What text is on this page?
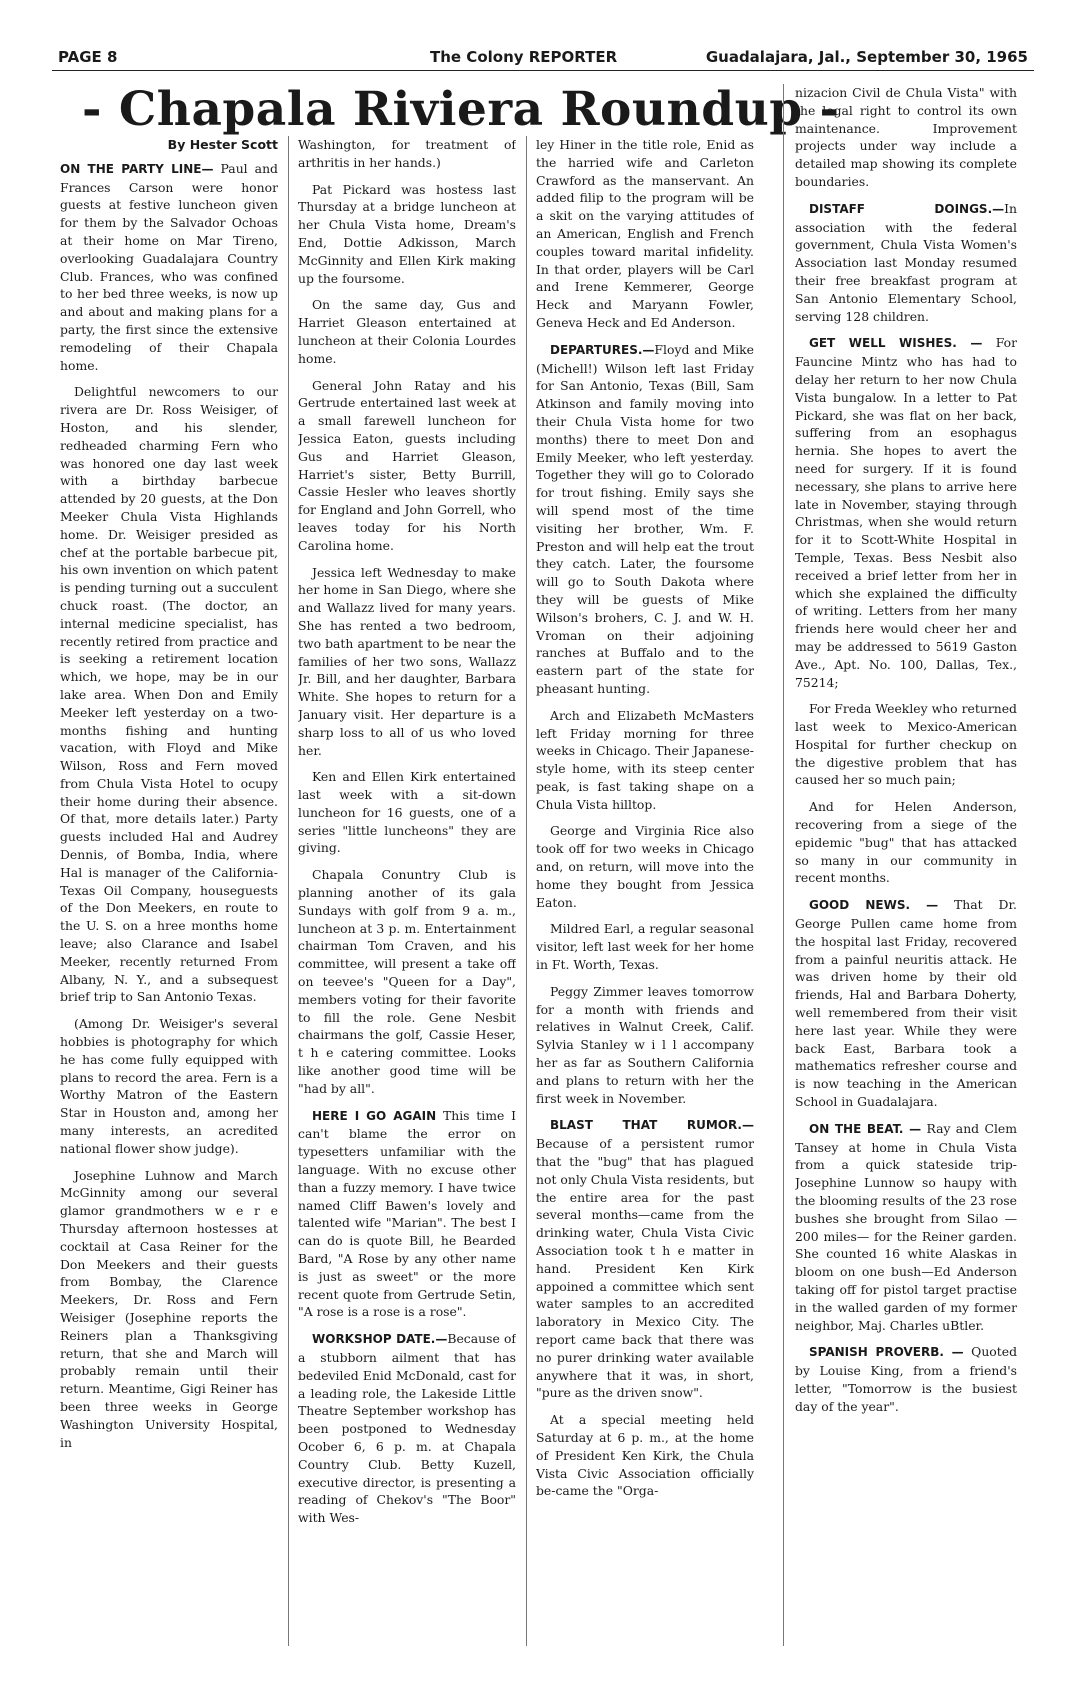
PAGE 8	The Colony REPORTER	Guadalajara, Jal., September 30, 1965
- Chapala Riviera Roundup -
By Hester Scott

ON THE PARTY LINE— Paul and Frances Carson were honor guests at festive luncheon given for them by the Salvador Ochoas at their home on Mar Tireno, overlooking Guadalajara Country Club. Frances, who was confined to her bed three weeks, is now up and about and making plans for a party, the first since the extensive remodeling of their Chapala home.

Delightful newcomers to our rivera are Dr. Ross Weisiger, of Hoston, and his slender, redheaded charming Fern who was honored one day last week with a birthday barbecue attended by 20 guests, at the Don Meeker Chula Vista Highlands home. Dr. Weisiger presided as chef at the portable barbecue pit, his own invention on which patent is pending turning out a succulent chuck roast. (The doctor, an internal medicine specialist, has recently retired from practice and is seeking a retirement location which, we hope, may be in our lake area. When Don and Emily Meeker left yesterday on a two-months fishing and hunting vacation, with Floyd and Mike Wilson, Ross and Fern moved from Chula Vista Hotel to ocupy their home during their absence. Of that, more details later.) Party guests included Hal and Audrey Dennis, of Bomba, India, where Hal is manager of the California-Texas Oil Company, houseguests of the Don Meekers, en route to the U. S. on a hree months home leave; also Clarance and Isabel Meeker, recently returned From Albany, N. Y., and a subsequest brief trip to San Antonio Texas.

(Among Dr. Weisiger's several hobbies is photography for which he has come fully equipped with plans to record the area. Fern is a Worthy Matron of the Eastern Star in Houston and, among her many interests, an acredited national flower show judge).

Josephine Luhnow and March McGinnity among our several glamor grandmothers w e r e Thursday afternoon hostesses at cocktail at Casa Reiner for the Don Meekers and their guests from Bombay, the Clarence Meekers, Dr. Ross and Fern Weisiger (Josephine reports the Reiners plan a Thanksgiving return, that she and March will probably remain until their return. Meantime, Gigi Reiner has been three weeks in George Washington University Hospital, in

Washington, for treatment of arthritis in her hands.)

Pat Pickard was hostess last Thursday at a bridge luncheon at her Chula Vista home, Dream's End, Dottie Adkisson, March McGinnity and Ellen Kirk making up the foursome.

On the same day, Gus and Harriet Gleason entertained at luncheon at their Colonia Lourdes home.

General John Ratay and his Gertrude entertained last week at a small farewell luncheon for Jessica Eaton, guests including Gus and Harriet Gleason, Harriet's sister, Betty Burrill, Cassie Hesler who leaves shortly for England and John Gorrell, who leaves today for his North Carolina home.

Jessica left Wednesday to make her home in San Diego, where she and Wallazz lived for many years. She has rented a two bedroom, two bath apartment to be near the families of her two sons, Wallazz Jr. Bill, and her daughter, Barbara White. She hopes to return for a January visit. Her departure is a sharp loss to all of us who loved her.

Ken and Ellen Kirk entertained last week with a sit-down luncheon for 16 guests, one of a series "little luncheons" they are giving.

Chapala Conuntry Club is planning another of its gala Sundays with golf from 9 a. m., luncheon at 3 p. m. Entertainment chairman Tom Craven, and his committee, will present a take off on teevee's "Queen for a Day", members voting for their favorite to fill the role. Gene Nesbit chairmans the golf, Cassie Heser, t h e catering committee. Looks like another good time will be "had by all".

HERE I GO AGAIN This time I can't blame the error on typesetters unfamiliar with the language. With no excuse other than a fuzzy memory. I have twice named Cliff Bawen's lovely and talented wife "Marian". The best I can do is quote Bill, he Bearded Bard, "A Rose by any other name is just as sweet" or the more recent quote from Gertrude Setin, "A rose is a rose is a rose".

WORKSHOP DATE.—Because of a stubborn ailment that has bedeviled Enid McDonald, cast for a leading role, the Lakeside Little Theatre September workshop has been postponed to Wednesday Ocober 6, 6 p. m. at Chapala Country Club. Betty Kuzell, executive director, is presenting a reading of Chekov's "The Boor" with Wes-

ley Hiner in the title role, Enid as the harried wife and Carleton Crawford as the manservant. An added filip to the program will be a skit on the varying attitudes of an American, English and French couples toward marital infidelity. In that order, players will be Carl and Irene Kemmerer, George Heck and Maryann Fowler, Geneva Heck and Ed Anderson.

DEPARTURES.—Floyd and Mike (Michell!) Wilson left last Friday for San Antonio, Texas (Bill, Sam Atkinson and family moving into their Chula Vista home for two months) there to meet Don and Emily Meeker, who left yesterday. Together they will go to Colorado for trout fishing. Emily says she will spend most of the time visiting her brother, Wm. F. Preston and will help eat the trout they catch. Later, the foursome will go to South Dakota where they will be guests of Mike Wilson's brohers, C. J. and W. H. Vroman on their adjoining ranches at Buffalo and to the eastern part of the state for pheasant hunting.

Arch and Elizabeth McMasters left Friday morning for three weeks in Chicago. Their Japanese-style home, with its steep center peak, is fast taking shape on a Chula Vista hilltop.

George and Virginia Rice also took off for two weeks in Chicago and, on return, will move into the home they bought from Jessica Eaton.

Mildred Earl, a regular seasonal visitor, left last week for her home in Ft. Worth, Texas.

Peggy Zimmer leaves tomorrow for a month with friends and relatives in Walnut Creek, Calif. Sylvia Stanley w i l l accompany her as far as Southern California and plans to return with her the first week in November.

BLAST THAT RUMOR.—Because of a persistent rumor that the "bug" that has plagued not only Chula Vista residents, but the entire area for the past several months—came from the drinking water, Chula Vista Civic Association took t h e matter in hand. President Ken Kirk appoined a committee which sent water samples to an accredited laboratory in Mexico City. The report came back that there was no purer drinking water available anywhere that it was, in short, "pure as the driven snow".

At a special meeting held Saturday at 6 p. m., at the home of President Ken Kirk, the Chula Vista Civic Association officially be-came the "Orga-

nizacion Civil de Chula Vista" with the legal right to control its own maintenance. Improvement projects under way include a detailed map showing its complete boundaries.

DISTAFF DOINGS.—In association with the federal government, Chula Vista Women's Association last Monday resumed their free breakfast program at San Antonio Elementary School, serving 128 children.

GET WELL WISHES. — For Fauncine Mintz who has had to delay her return to her now Chula Vista bungalow. In a letter to Pat Pickard, she was flat on her back, suffering from an esophagus hernia. She hopes to avert the need for surgery. If it is found necessary, she plans to arrive here late in November, staying through Christmas, when she would return for it to Scott-White Hospital in Temple, Texas. Bess Nesbit also received a brief letter from her in which she explained the difficulty of writing. Letters from her many friends here would cheer her and may be addressed to 5619 Gaston Ave., Apt. No. 100, Dallas, Tex., 75214;

For Freda Weekley who returned last week to Mexico-American Hospital for further checkup on the digestive problem that has caused her so much pain;

And for Helen Anderson, recovering from a siege of the epidemic "bug" that has attacked so many in our community in recent months.

GOOD NEWS. — That Dr. George Pullen came home from the hospital last Friday, recovered from a painful neuritis attack. He was driven home by their old friends, Hal and Barbara Doherty, well remembered from their visit here last year. While they were back East, Barbara took a mathematics refresher course and is now teaching in the American School in Guadalajara.

ON THE BEAT. — Ray and Clem Tansey at home in Chula Vista from a quick stateside trip-Josephine Lunnow so haupy with the blooming results of the 23 rose bushes she brought from Silao —200 miles— for the Reiner garden. She counted 16 white Alaskas in bloom on one bush—Ed Anderson taking off for pistol target practise in the walled garden of my former neighbor, Maj. Charles uBtler.

SPANISH PROVERB. — Quoted by Louise King, from a friend's letter, "Tomorrow is the busiest day of the year".
